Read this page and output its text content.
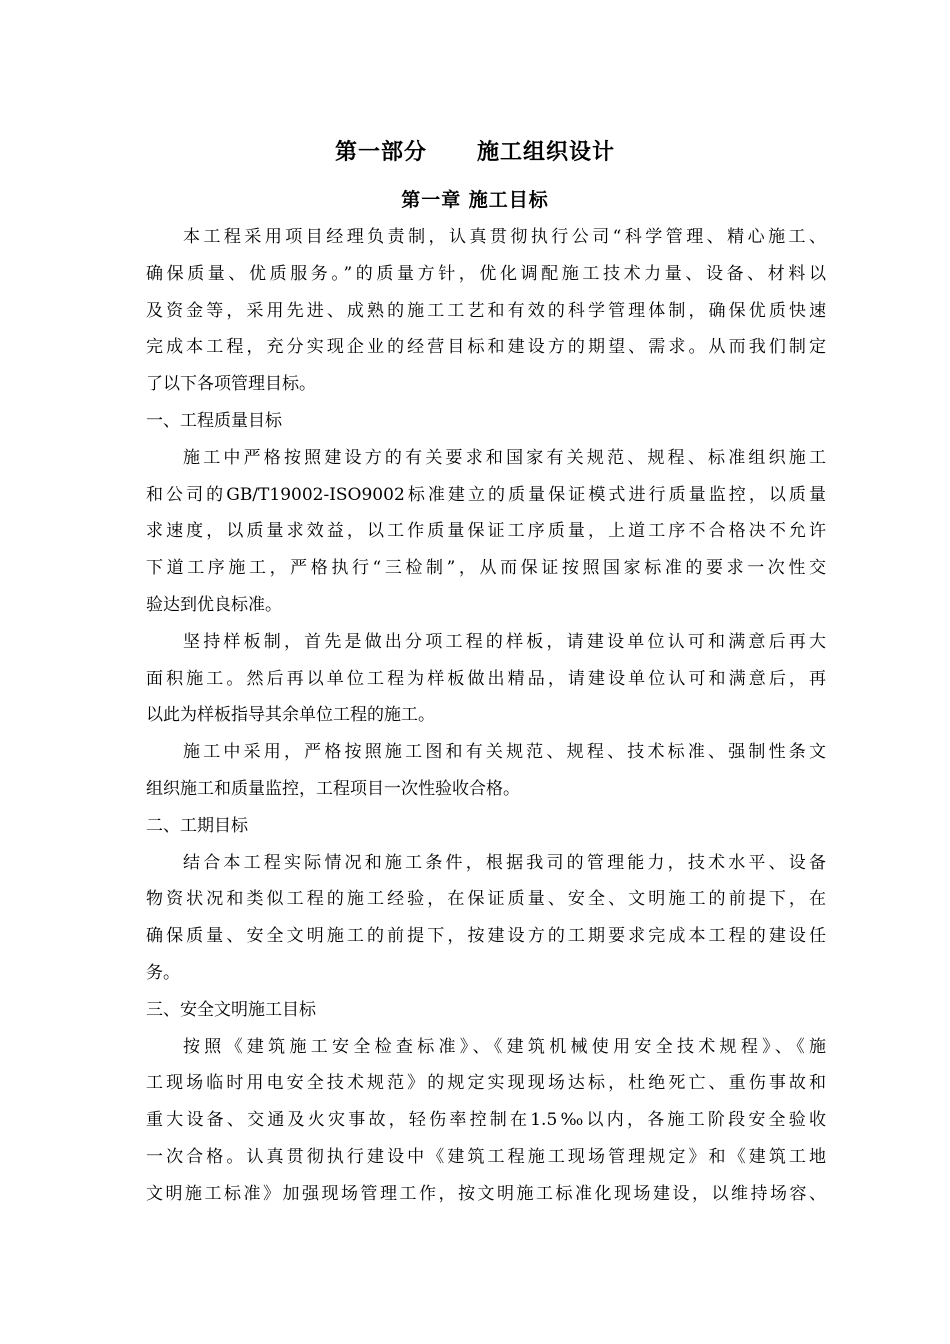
第一部分 施工组织设计
第一章 施工目标
本工程采用项目经理负责制，认真贯彻执行公司“科学管理、精心施工、
确保质量、优质服务。”的质量方针，优化调配施工技术力量、设备、材料以
及资金等，采用先进、成熟的施工工艺和有效的科学管理体制，确保优质快速
完成本工程，充分实现企业的经营目标和建设方的期望、需求。从而我们制定
了以下各项管理目标。
一、工程质量目标
施工中严格按照建设方的有关要求和国家有关规范、规程、标准组织施工
和公司的GB/T19002-ISO9002标准建立的质量保证模式进行质量监控，以质量
求速度，以质量求效益，以工作质量保证工序质量，上道工序不合格决不允许
下道工序施工，严格执行“三检制”，从而保证按照国家标准的要求一次性交
验达到优良标准。
坚持样板制，首先是做出分项工程的样板，请建设单位认可和满意后再大
面积施工。然后再以单位工程为样板做出精品，请建设单位认可和满意后，再
以此为样板指导其余单位工程的施工。
施工中采用，严格按照施工图和有关规范、规程、技术标准、强制性条文
组织施工和质量监控，工程项目一次性验收合格。
二、工期目标
结合本工程实际情况和施工条件，根据我司的管理能力，技术水平、设备
物资状况和类似工程的施工经验，在保证质量、安全、文明施工的前提下，在
确保质量、安全文明施工的前提下，按建设方的工期要求完成本工程的建设任
务。
三、安全文明施工目标
按照《建筑施工安全检查标准》、《建筑机械使用安全技术规程》、《施
工现场临时用电安全技术规范》的规定实现现场达标，杜绝死亡、重伤事故和
重大设备、交通及火灾事故，轻伤率控制在1.5‰以内，各施工阶段安全验收
一次合格。认真贯彻执行建设中《建筑工程施工现场管理规定》和《建筑工地
文明施工标准》加强现场管理工作，按文明施工标准化现场建设，以维持场容、
